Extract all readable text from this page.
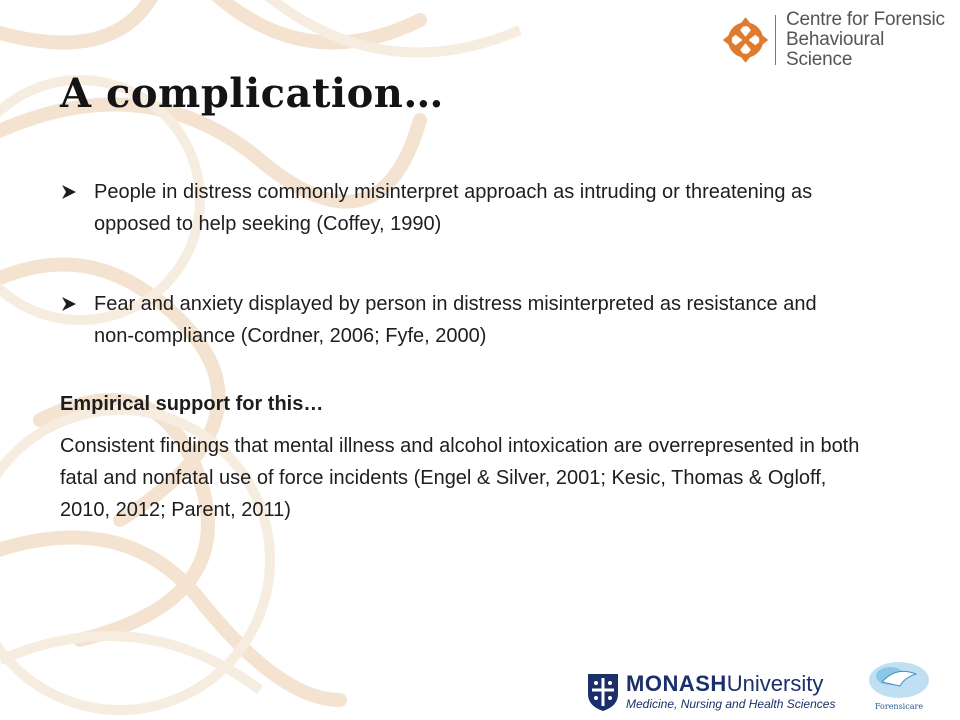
Centre for Forensic
Behavioural Science
A complication…
People in distress commonly misinterpret approach as intruding or threatening as opposed to help seeking (Coffey, 1990)
Fear and anxiety displayed by person in distress misinterpreted as resistance and non-compliance (Cordner, 2006; Fyfe, 2000)

Empirical support for this…

Consistent findings that mental illness and alcohol intoxication are overrepresented in both fatal and nonfatal use of force incidents (Engel & Silver, 2001; Kesic, Thomas & Ogloff, 2010, 2012; Parent, 2011)

MONASHUniversity
Medicine, Nursing and Health Sciences	Forensicare
